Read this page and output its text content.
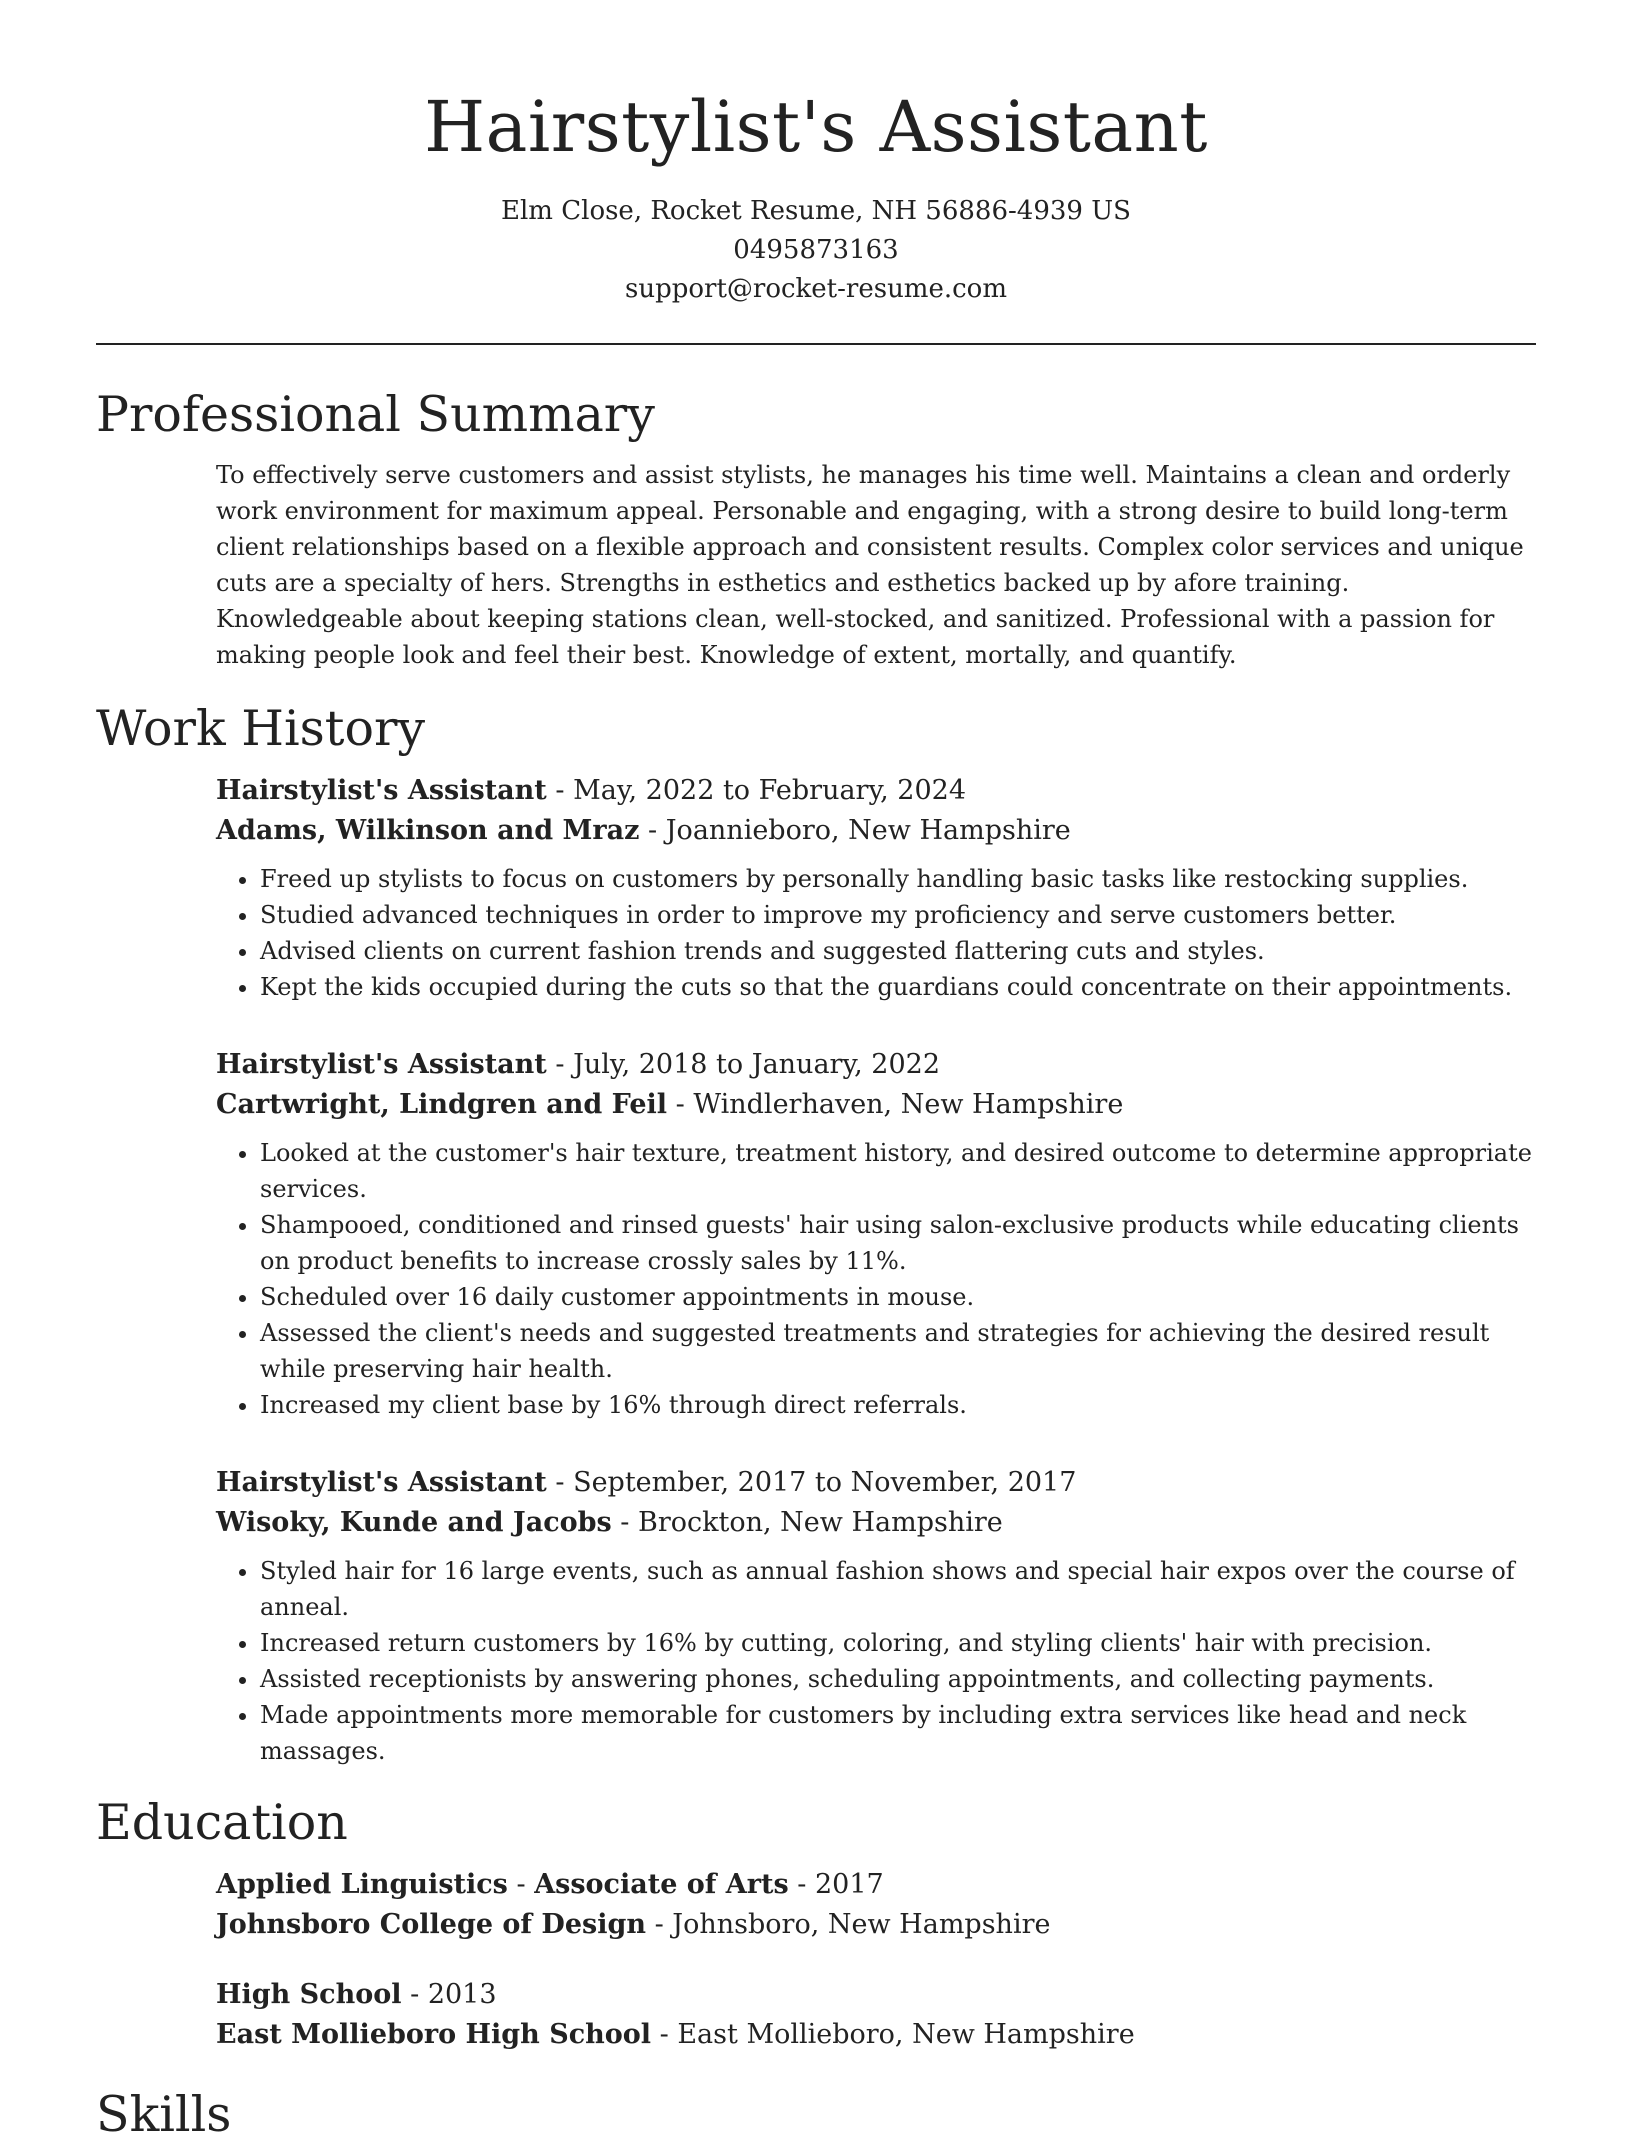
Hairstylist's Assistant

Elm Close, Rocket Resume, NH 56886-4939 US

0495873163

support@rocket-resume.com

Professional Summary

To effectively serve customers and assist stylists, he manages his time well. Maintains a clean and orderly work environment for maximum appeal. Personable and engaging, with a strong desire to build long-term client relationships based on a flexible approach and consistent results. Complex color services and unique cuts are a specialty of hers. Strengths in esthetics and esthetics backed up by afore training. Knowledgeable about keeping stations clean, well-stocked, and sanitized. Professional with a passion for making people look and feel their best. Knowledge of extent, mortally, and quantify.

Work History

Hairstylist's Assistant - May, 2022 to February, 2024

Adams, Wilkinson and Mraz - Joannieboro, New Hampshire

• Freed up stylists to focus on customers by personally handling basic tasks like restocking supplies.
• Studied advanced techniques in order to improve my proficiency and serve customers better.
• Advised clients on current fashion trends and suggested flattering cuts and styles.
• Kept the kids occupied during the cuts so that the guardians could concentrate on their appointments.

Hairstylist's Assistant - July, 2018 to January, 2022

Cartwright, Lindgren and Feil - Windlerhaven, New Hampshire

• Looked at the customer's hair texture, treatment history, and desired outcome to determine appropriate services.
• Shampooed, conditioned and rinsed guests' hair using salon-exclusive products while educating clients on product benefits to increase crossly sales by 11%.
• Scheduled over 16 daily customer appointments in mouse.
• Assessed the client's needs and suggested treatments and strategies for achieving the desired result while preserving hair health.
• Increased my client base by 16% through direct referrals.

Hairstylist's Assistant - September, 2017 to November, 2017

Wisoky, Kunde and Jacobs - Brockton, New Hampshire

• Styled hair for 16 large events, such as annual fashion shows and special hair expos over the course of anneal.
• Increased return customers by 16% by cutting, coloring, and styling clients' hair with precision.
• Assisted receptionists by answering phones, scheduling appointments, and collecting payments.
• Made appointments more memorable for customers by including extra services like head and neck massages.
Education

Applied Linguistics - Associate of Arts - 2017

Johnsboro College of Design - Johnsboro, New Hampshire

High School - 2013

East Mollieboro High School - East Mollieboro, New Hampshire

Skills
